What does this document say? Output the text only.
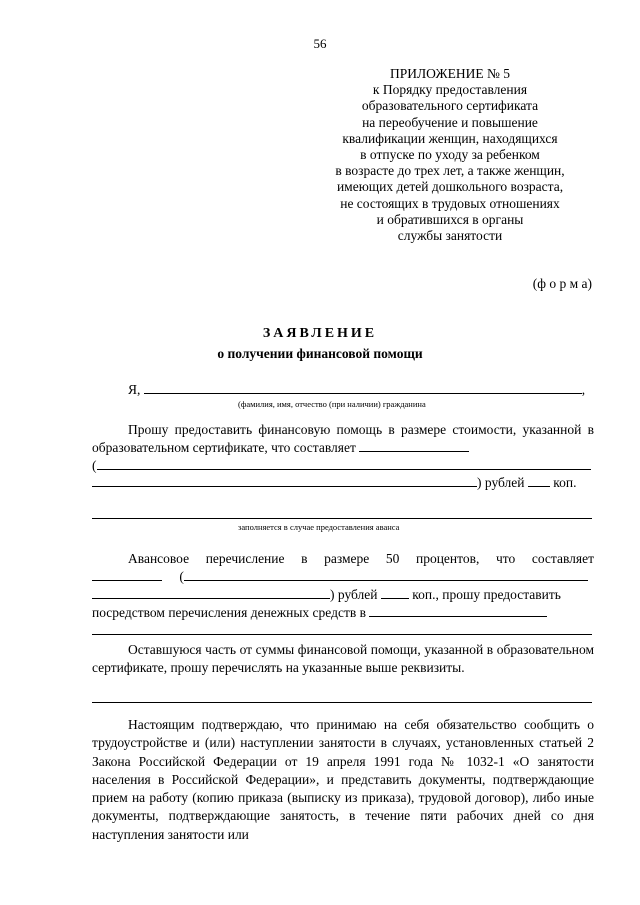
56
ПРИЛОЖЕНИЕ № 5
к Порядку предоставления
образовательного сертификата
на переобучение и повышение
квалификации женщин, находящихся
в отпуске по уходу за ребенком
в возрасте до трех лет, а также женщин,
имеющих детей дошкольного возраста,
не состоящих в трудовых отношениях
и обратившихся в органы
службы занятости
(ф о р м а)
ЗАЯВЛЕНИЕ
о получении финансовой помощи
Я,	,
(фамилия, имя, отчество (при наличии) гражданина
Прошу предоставить финансовую помощь в размере стоимости, указанной в образовательном сертификате, что составляет
(
) рублей коп.
заполняется в случае предоставления аванса
Авансовое перечисление в размере 50 процентов, что составляет
(
) рублей	коп., прошу предоставить
посредством перечисления денежных средств в
Оставшуюся часть от суммы финансовой помощи, указанной в образовательном сертификате, прошу перечислять на указанные выше реквизиты.
Настоящим подтверждаю, что принимаю на себя обязательство сообщить о трудоустройстве и (или) наступлении занятости в случаях, установленных статьей 2 Закона Российской Федерации от 19 апреля 1991 года № 1032-1 «О занятости населения в Российской Федерации», и представить документы, подтверждающие прием на работу (копию приказа (выписку из приказа), трудовой договор), либо иные документы, подтверждающие занятость, в течение пяти рабочих дней со дня наступления занятости или
